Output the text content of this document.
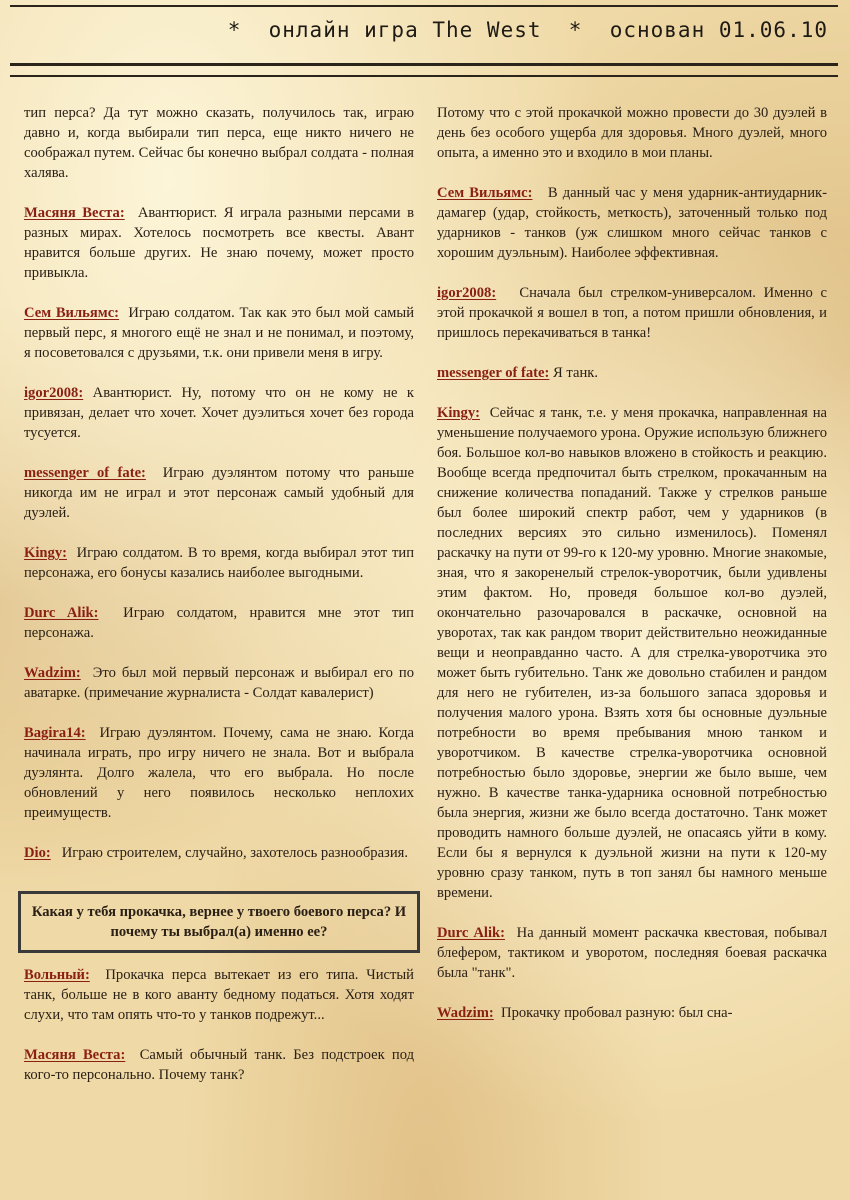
*  онлайн игра The West  *  основан 01.06.10
тип перса? Да тут можно сказать, получилось так, играю давно и, когда выбирали тип перса, еще никто ничего не соображал путем. Сейчас бы конечно выбрал солдата - полная халява.
Масяня Веста: Авантюрист. Я играла разными персами в разных мирах. Хотелось посмотреть все квесты. Авант нравится больше других. Не знаю почему, может просто привыкла.
Сем Вильямс: Играю солдатом. Так как это был мой самый первый перс, я многого ещё не знал и не понимал, и поэтому, я посоветовался с друзьями, т.к. они привели меня в игру.
igor2008: Авантюрист. Ну, потому что он не кому не к привязан, делает что хочет. Хочет дуэлиться хочет без города тусуется.
messenger of fate: Играю дуэлянтом потому что раньше никогда им не играл и этот персонаж самый удобный для дуэлей.
Kingy: Играю солдатом. В то время, когда выбирал этот тип персонажа, его бонусы казались наиболее выгодными.
Durc Alik: Играю солдатом, нравится мне этот тип персонажа.
Wadzim: Это был мой первый персонаж и выбирал его по аватарке. (примечание журналиста - Солдат кавалерист)
Bagira14: Играю дуэлянтом. Почему, сама не знаю. Когда начинала играть, про игру ничего не знала. Вот и выбрала дуэлянта. Долго жалела, что его выбрала. Но после обновлений у него появилось несколько неплохих преимуществ.
Dio: Играю строителем, случайно, захотелось разнообразия.
Какая у тебя прокачка, вернее у твоего боевого перса? И почему ты выбрал(а) именно ее?
Вольный: Прокачка перса вытекает из его типа. Чистый танк, больше не в кого аванту бедному податься. Хотя ходят слухи, что там опять что-то у танков подрежут...
Масяня Веста: Самый обычный танк. Без подстроек под кого-то персонально. Почему танк?
Потому что с этой прокачкой можно провести до 30 дуэлей в день без особого ущерба для здоровья. Много дуэлей, много опыта, а именно это и входило в мои планы.
Сем Вильямс: В данный час у меня ударник-антиударник-дамагер (удар, стойкость, меткость), заточенный только под ударников - танков (уж слишком много сейчас танков с хорошим дуэльным). Наиболее эффективная.
igor2008: Сначала был стрелком-универсалом. Именно с этой прокачкой я вошел в топ, а потом пришли обновления, и пришлось перекачиваться в танка!
messenger of fate: Я танк.
Kingy: Сейчас я танк, т.е. у меня прокачка, направленная на уменьшение получаемого урона. Оружие использую ближнего боя. Большое кол-во навыков вложено в стойкость и реакцию. Вообще всегда предпочитал быть стрелком, прокачанным на снижение количества попаданий. Также у стрелков раньше был более широкий спектр работ, чем у ударников (в последних версиях это сильно изменилось). Поменял раскачку на пути от 99-го к 120-му уровню. Многие знакомые, зная, что я закоренелый стрелок-уворотчик, были удивлены этим фактом. Но, проведя большое кол-во дуэлей, окончательно разочаровался в раскачке, основной на уворотах, так как рандом творит действительно неожиданные вещи и неоправданно часто. А для стрелка-уворотчика это может быть губительно. Танк же довольно стабилен и рандом для него не губителен, из-за большого запаса здоровья и получения малого урона. Взять хотя бы основные дуэльные потребности во время пребывания мною танком и уворотчиком. В качестве стрелка-уворотчика основной потребностью было здоровье, энергии же было выше, чем нужно. В качестве танка-ударника основной потребностью была энергия, жизни же было всегда достаточно. Танк может проводить намного больше дуэлей, не опасаясь уйти в кому. Если бы я вернулся к дуэльной жизни на пути к 120-му уровню сразу танком, путь в топ занял бы намного меньше времени.
Durc Alik: На данный момент раскачка квестовая, побывал блефером, тактиком и уворотом, последняя боевая раскачка была "танк".
Wadzim: Прокачку пробовал разную: был сна-
